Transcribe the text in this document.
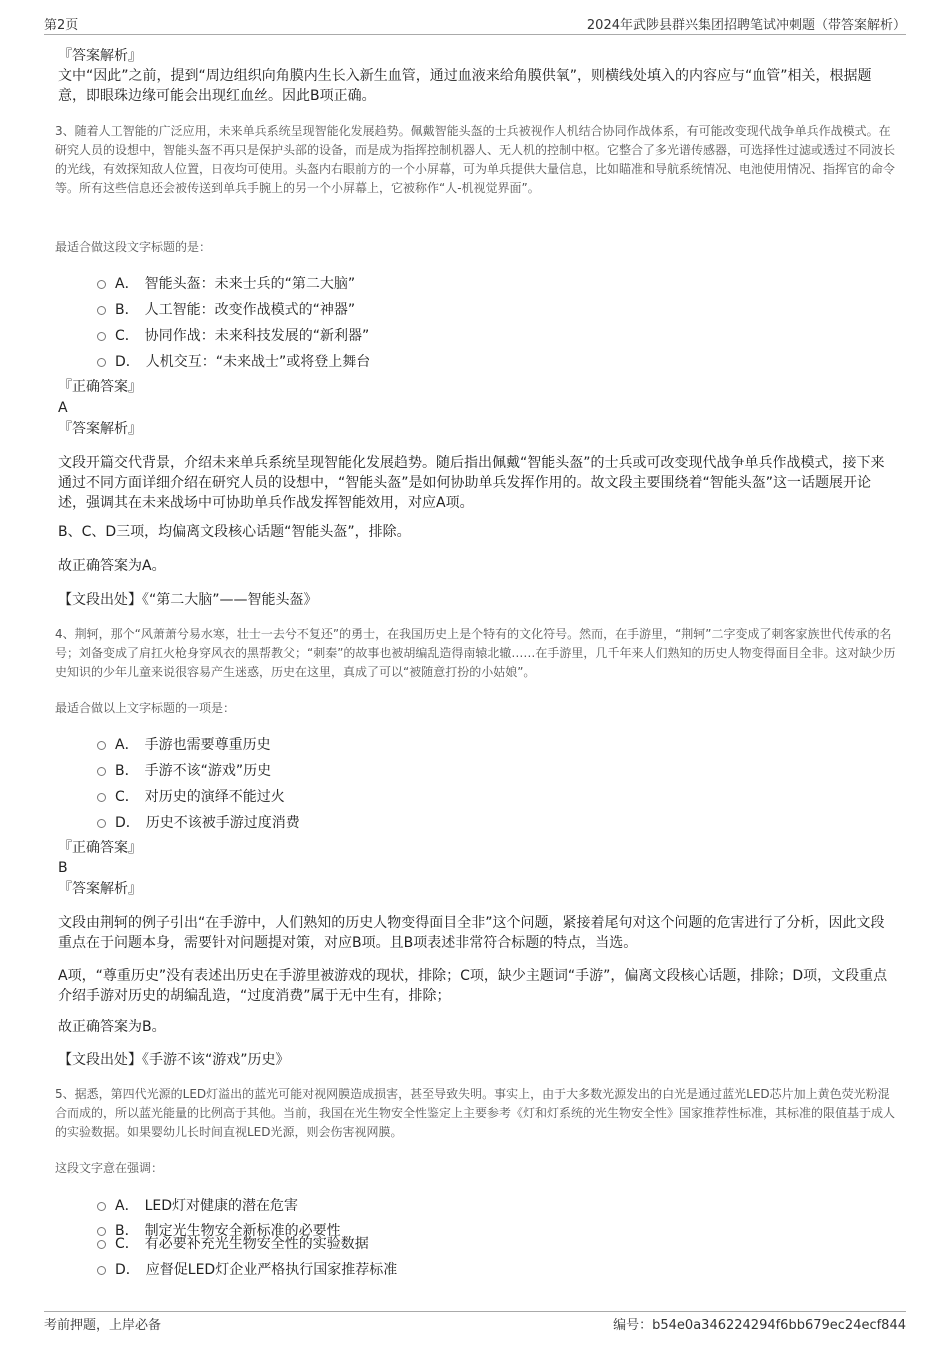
第2页	2024年武陟县群兴集团招聘笔试冲刺题（带答案解析）
『答案解析』
文中“因此”之前，提到“周边组织向角膜内生长入新生血管，通过血液来给角膜供氧”，则横线处填入的内容应与“血管”相关，根据题意，即眼珠边缘可能会出现红血丝。因此B项正确。
3、随着人工智能的广泛应用，未来单兵系统呈现智能化发展趋势。佩戴智能头盔的士兵被视作人机结合协同作战体系，有可能改变现代战争单兵作战模式。在研究人员的设想中，智能头盔不再只是保护头部的设备，而是成为指挥控制机器人、无人机的控制中枢。它整合了多光谱传感器，可选择性过滤或透过不同波长的光线，有效探知敌人位置，日夜均可使用。头盔内右眼前方的一个小屏幕，可为单兵提供大量信息，比如瞄准和导航系统情况、电池使用情况、指挥官的命令等。所有这些信息还会被传送到单兵手腕上的另一个小屏幕上，它被称作“人-机视觉界面”。
最适合做这段文字标题的是：
A． 智能头盔：未来士兵的“第二大脑”
B． 人工智能：改变作战模式的“神器”
C． 协同作战：未来科技发展的“新利器”
D． 人机交互：“未来战士”或将登上舞台
『正确答案』
A
『答案解析』
文段开篇交代背景，介绍未来单兵系统呈现智能化发展趋势。随后指出佩戴“智能头盔”的士兵或可改变现代战争单兵作战模式，接下来通过不同方面详细介绍在研究人员的设想中，“智能头盔”是如何协助单兵发挥作用的。故文段主要围绕着“智能头盔”这一话题展开论述，强调其在未来战场中可协助单兵作战发挥智能效用，对应A项。
B、C、D三项，均偏离文段核心话题“智能头盔”，排除。
故正确答案为A。
【文段出处】《“第二大脑”——智能头盔》
4、荆轲，那个“风萧萧兮易水寒，壮士一去兮不复还”的勇士，在我国历史上是个特有的文化符号。然而，在手游里，“荆轲”二字变成了刺客家族世代传承的名号；刘备变成了肩扛火枪身穿风衣的黑帮教父；“刺秦”的故事也被胡编乱造得南辕北辙……在手游里，几千年来人们熟知的历史人物变得面目全非。这对缺少历史知识的少年儿童来说很容易产生迷惑，历史在这里，真成了可以“被随意打扮的小姑娘”。
最适合做以上文字标题的一项是：
A． 手游也需要尊重历史
B． 手游不该“游戏”历史
C． 对历史的演绎不能过火
D． 历史不该被手游过度消费
『正确答案』
B
『答案解析』
文段由荆轲的例子引出“在手游中，人们熟知的历史人物变得面目全非”这个问题，紧接着尾句对这个问题的危害进行了分析，因此文段重点在于问题本身，需要针对问题提对策，对应B项。且B项表述非常符合标题的特点，当选。
A项，“尊重历史”没有表述出历史在手游里被游戏的现状，排除；C项，缺少主题词“手游”，偏离文段核心话题，排除；D项，文段重点介绍手游对历史的胡编乱造，“过度消费”属于无中生有，排除；
故正确答案为B。
【文段出处】《手游不该“游戏”历史》
5、据悉，第四代光源的LED灯溢出的蓝光可能对视网膜造成损害，甚至导致失明。事实上，由于大多数光源发出的白光是通过蓝光LED芯片加上黄色荧光粉混合而成的，所以蓝光能量的比例高于其他。当前，我国在光生物安全性鉴定上主要参考《灯和灯系统的光生物安全性》国家推荐性标准，其标准的限值基于成人的实验数据。如果婴幼儿长时间直视LED光源，则会伤害视网膜。
这段文字意在强调：
A． LED灯对健康的潜在危害
B． 制定光生物安全新标准的必要性
C． 有必要补充光生物安全性的实验数据
D． 应督促LED灯企业严格执行国家推荐标准
考前押题，上岸必备	编号：b54e0a346224294f6bb679ec24ecf844
